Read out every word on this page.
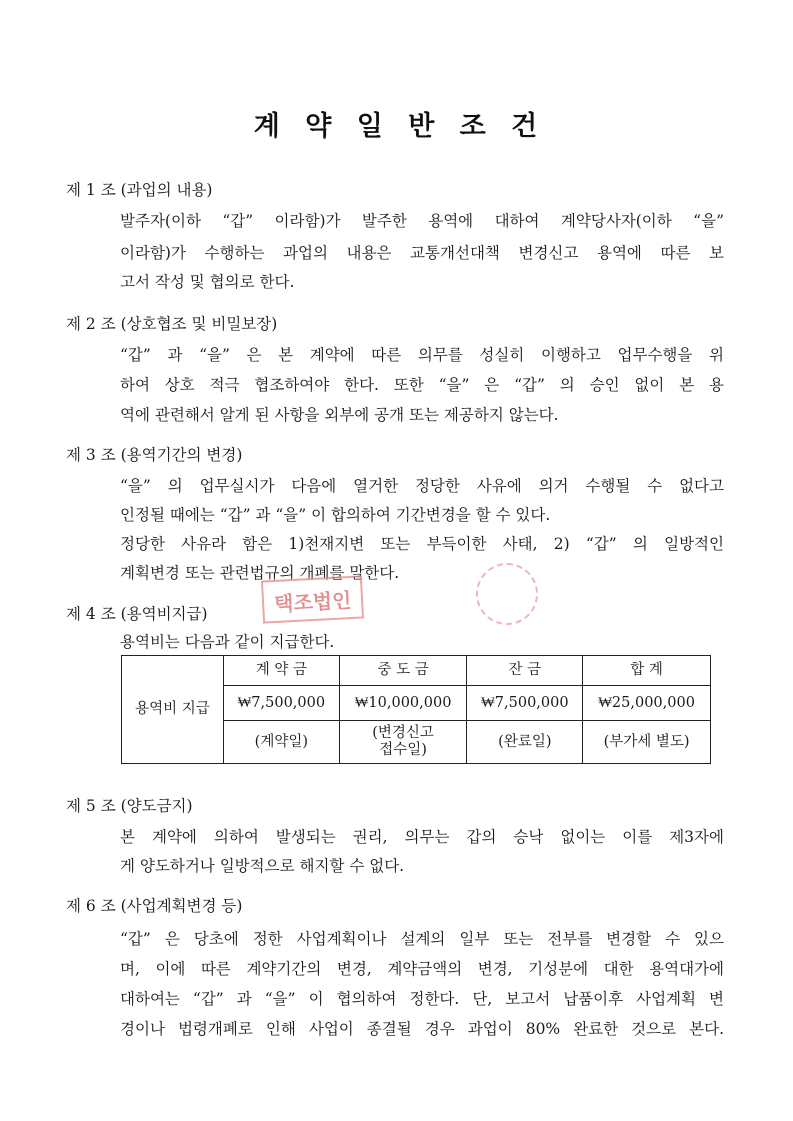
계 약 일 반 조 건
제 1 조 (과업의 내용)
발주자(이하 “갑” 이라함)가 발주한 용역에 대하여 계약당사자(이하 “을”
이라함)가 수행하는 과업의 내용은 교통개선대책 변경신고 용역에 따른 보
고서 작성 및 협의로 한다.
제 2 조 (상호협조 및 비밀보장)
“갑” 과 “을” 은 본 계약에 따른 의무를 성실히 이행하고 업무수행을 위
하여 상호 적극 협조하여야 한다. 또한 “을” 은 “갑” 의 승인 없이 본 용
역에 관련해서 알게 된 사항을 외부에 공개 또는 제공하지 않는다.
제 3 조 (용역기간의 변경)
“을” 의 업무실시가 다음에 열거한 정당한 사유에 의거 수행될 수 없다고
인정될 때에는 “갑” 과 “을” 이 합의하여 기간변경을 할 수 있다.
정당한 사유라 함은 1)천재지변 또는 부득이한 사태, 2) “갑” 의 일방적인
계획변경 또는 관련법규의 개폐를 말한다.
제 4 조 (용역비지급)
용역비는 다음과 같이 지급한다.
용역비 지급	계 약 금	중 도 금	잔 금	합 계
	₩7,500,000	₩10,000,000	₩7,500,000	₩25,000,000
	(계약일)	(변경신고
접수일)	(완료일)	(부가세 별도)
제 5 조 (양도금지)
본 계약에 의하여 발생되는 권리, 의무는 갑의 승낙 없이는 이를 제3자에
게 양도하거나 일방적으로 해지할 수 없다.
제 6 조 (사업계획변경 등)
“갑” 은 당초에 정한 사업계획이나 설계의 일부 또는 전부를 변경할 수 있으
며, 이에 따른 계약기간의 변경, 계약금액의 변경, 기성분에 대한 용역대가에
대하여는 “갑” 과 “을” 이 협의하여 정한다. 단, 보고서 납품이후 사업계획 변
경이나 법령개폐로 인해 사업이 종결될 경우 과업이 80% 완료한 것으로 본다.
택조법인
